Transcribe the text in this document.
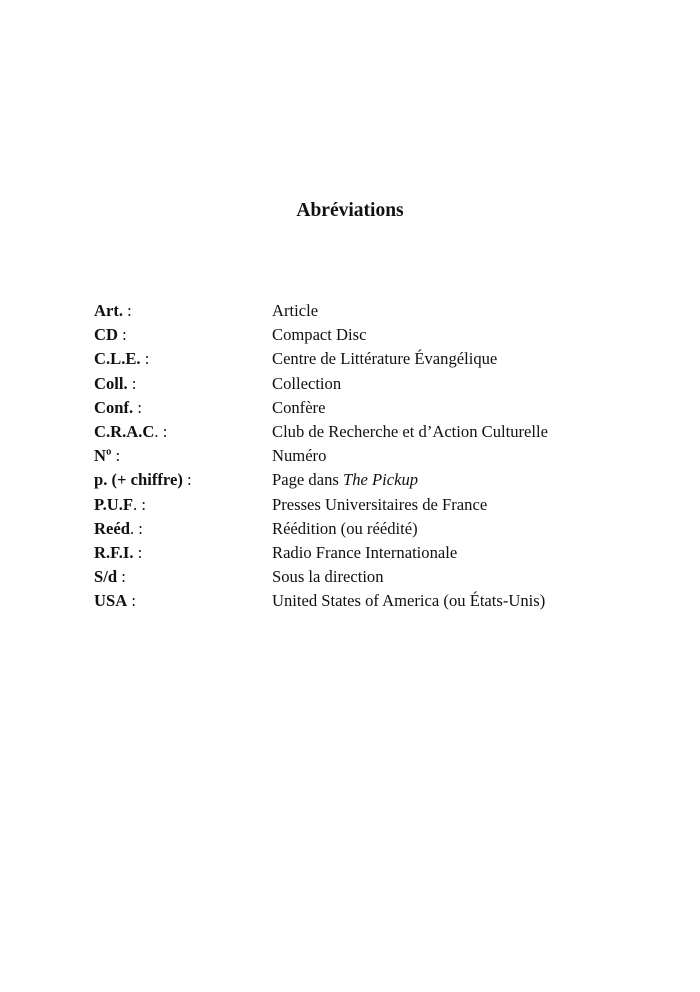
Abréviations
Art. :	Article
CD :	Compact Disc
C.L.E. :	Centre de Littérature Évangélique
Coll. :	Collection
Conf. :	Confère
C.R.A.C. :	Club de Recherche et d’Action Culturelle
Nº :	Numéro
p. (+ chiffre) :	Page dans The Pickup
P.U.F. :	Presses Universitaires de France
Reéd. :	Réédition (ou réédité)
R.F.I. :	Radio France Internationale
S/d :	Sous la direction
USA :	United States of America (ou États-Unis)
